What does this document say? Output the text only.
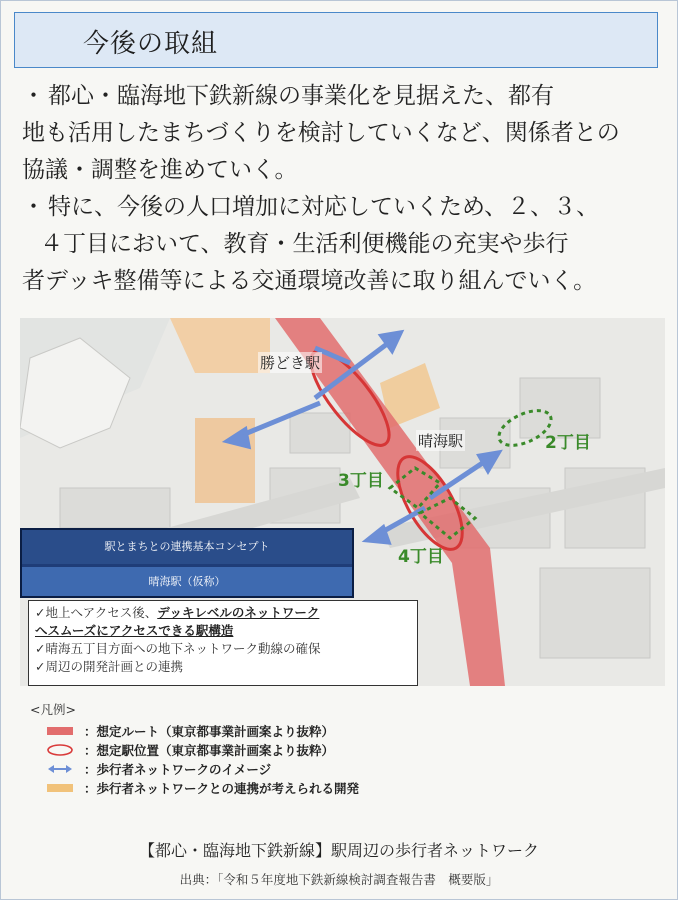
今後の取組
・ 都心・臨海地下鉄新線の事業化を見据えた、都有
地も活用したまちづくりを検討していくなど、関係者との
協議・調整を進めていく。
・ 特に、今後の人口増加に対応していくため、２、３、
４丁目において、教育・生活利便機能の充実や歩行
者デッキ整備等による交通環境改善に取り組んでいく。
勝どき駅
晴海駅	2丁目
3丁目
4丁目
駅とまちとの連携基本コンセプト
晴海駅（仮称）
✓地上へアクセス後、デッキレベルのネットワーク
へスムーズにアクセスできる駅構造
✓晴海五丁目方面への地下ネットワーク動線の確保
✓周辺の開発計画との連携
<凡例>
：想定ルート（東京都事業計画案より抜粋）
：想定駅位置（東京都事業計画案より抜粋）
：歩行者ネットワークのイメージ
：歩行者ネットワークとの連携が考えられる開発
【都心・臨海地下鉄新線】駅周辺の歩行者ネットワーク
出典：「令和５年度地下鉄新線検討調査報告書　概要版」
